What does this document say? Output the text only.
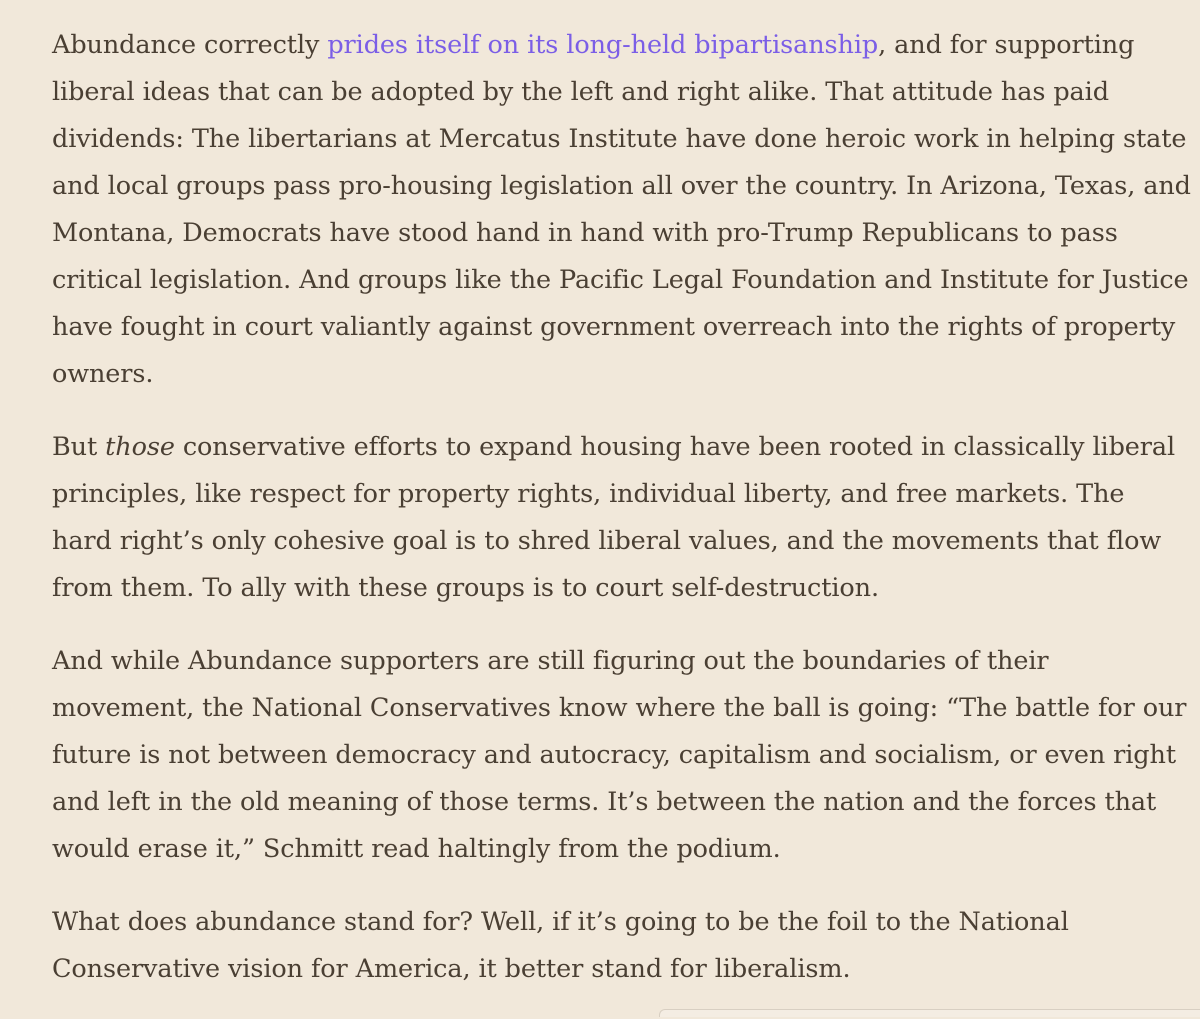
Abundance correctly prides itself on its long-held bipartisanship, and for supporting liberal ideas that can be adopted by the left and right alike. That attitude has paid dividends: The libertarians at Mercatus Institute have done heroic work in helping state and local groups pass pro-housing legislation all over the country. In Arizona, Texas, and Montana, Democrats have stood hand in hand with pro-Trump Republicans to pass critical legislation. And groups like the Pacific Legal Foundation and Institute for Justice have fought in court valiantly against government overreach into the rights of property owners.

But those conservative efforts to expand housing have been rooted in classically liberal principles, like respect for property rights, individual liberty, and free markets. The hard right’s only cohesive goal is to shred liberal values, and the movements that flow from them. To ally with these groups is to court self-destruction.

And while Abundance supporters are still figuring out the boundaries of their movement, the National Conservatives know where the ball is going: “The battle for our future is not between democracy and autocracy, capitalism and socialism, or even right and left in the old meaning of those terms. It’s between the nation and the forces that would erase it,” Schmitt read haltingly from the podium.

What does abundance stand for? Well, if it’s going to be the foil to the National Conservative vision for America, it better stand for liberalism.
